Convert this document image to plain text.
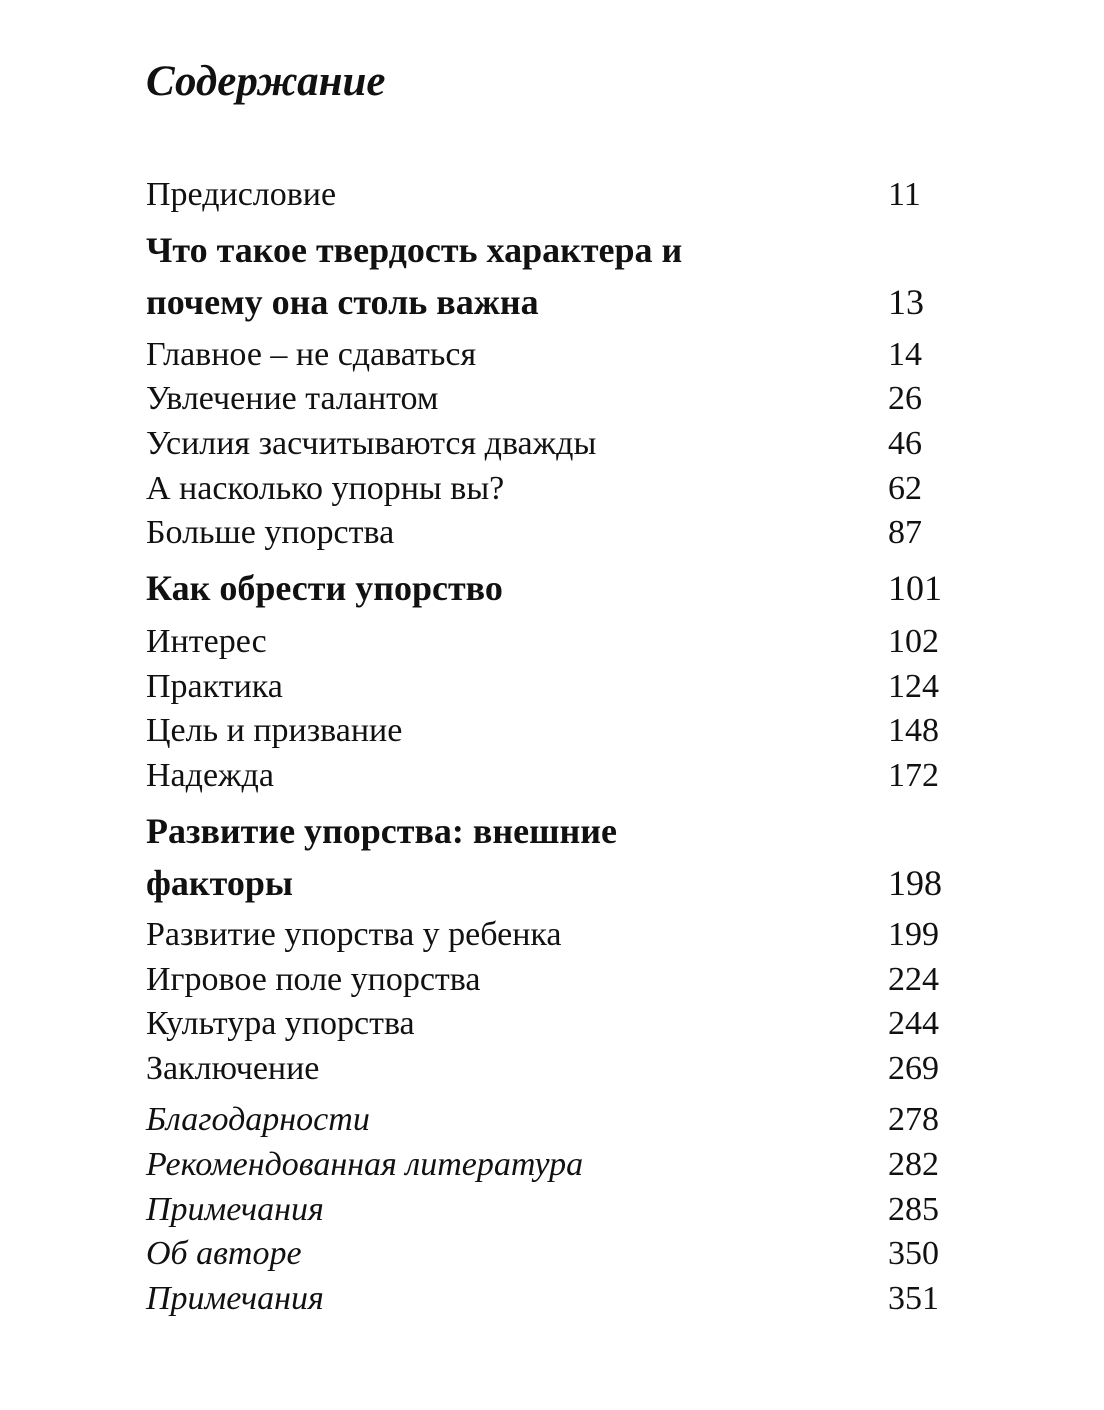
Содержание
Предисловие	11
Что такое твердость характера и
почему она столь важна	13
Главное – не сдаваться	14
Увлечение талантом	26
Усилия засчитываются дважды	46
А насколько упорны вы?	62
Больше упорства	87
Как обрести упорство	101
Интерес	102
Практика	124
Цель и призвание	148
Надежда	172
Развитие упорства: внешние
факторы	198
Развитие упорства у ребенка	199
Игровое поле упорства	224
Культура упорства	244
Заключение	269
Благодарности	278
Рекомендованная литература	282
Примечания	285
Об авторе	350
Примечания	351
